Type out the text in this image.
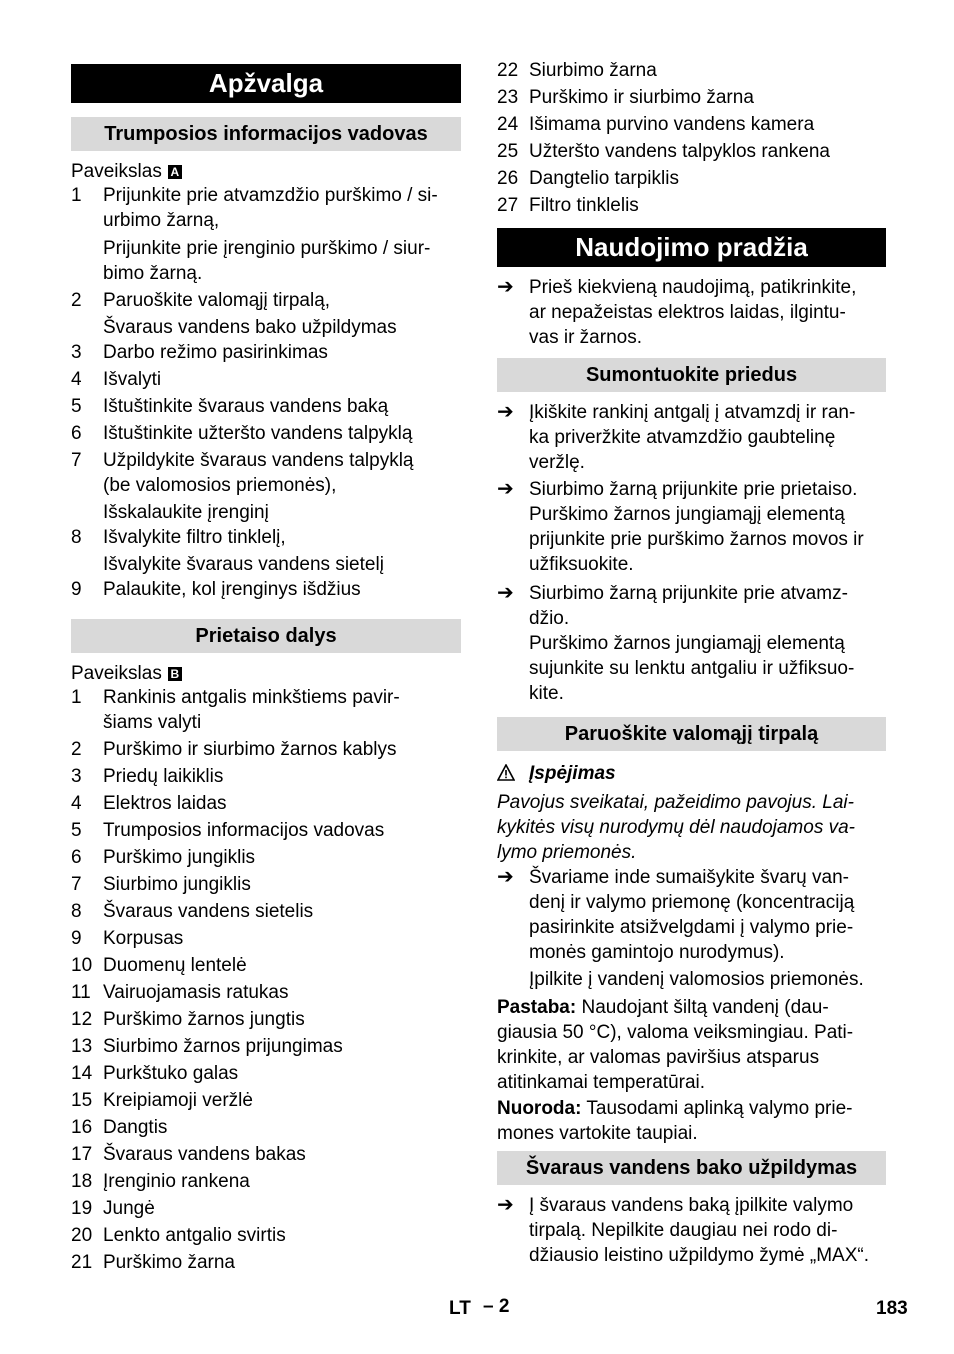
Apžvalga
Trumposios informacijos vadovas
Paveikslas A
1 Prijunkite prie atvamzdžio purškimo / si-
urbimo žarną,
Prijunkite prie įrenginio purškimo / siur-
bimo žarną.
2 Paruoškite valomąjį tirpalą,
Švaraus vandens bako užpildymas
3 Darbo režimo pasirinkimas
4 Išvalyti
5 Ištuštinkite švaraus vandens baką
6 Ištuštinkite užteršto vandens talpyklą
7 Užpildykite švaraus vandens talpyklą
(be valomosios priemonės),
Išskalaukite įrenginį
8 Išvalykite filtro tinklelį,
Išvalykite švaraus vandens sietelį
9 Palaukite, kol įrenginys išdžius
Prietaiso dalys
Paveikslas B
1 Rankinis antgalis minkštiems pavir-
šiams valyti
2 Purškimo ir siurbimo žarnos kablys
3 Priedų laikiklis
4 Elektros laidas
5 Trumposios informacijos vadovas
6 Purškimo jungiklis
7 Siurbimo jungiklis
8 Švaraus vandens sietelis
9 Korpusas
10 Duomenų lentelė
11 Vairuojamasis ratukas
12 Purškimo žarnos jungtis
13 Siurbimo žarnos prijungimas
14 Purkštuko galas
15 Kreipiamoji veržlė
16 Dangtis
17 Švaraus vandens bakas
18 Įrenginio rankena
19 Jungė
20 Lenkto antgalio svirtis
21 Purškimo žarna
22 Siurbimo žarna
23 Purškimo ir siurbimo žarna
24 Išimama purvino vandens kamera
25 Užteršto vandens talpyklos rankena
26 Dangtelio tarpiklis
27 Filtro tinklelis
Naudojimo pradžia
➔ Prieš kiekvieną naudojimą, patikrinkite,
ar nepažeistas elektros laidas, ilgintu-
vas ir žarnos.
Sumontuokite priedus
➔ Įkiškite rankinį antgalį į atvamzdį ir ran-
ka priveržkite atvamzdžio gaubtelinę
veržlę.
➔ Siurbimo žarną prijunkite prie prietaiso.
Purškimo žarnos jungiamąjį elementą
prijunkite prie purškimo žarnos movos ir
užfiksuokite.
➔ Siurbimo žarną prijunkite prie atvamz-
džio.
Purškimo žarnos jungiamąjį elementą
sujunkite su lenktu antgaliu ir užfiksuo-
kite.
Paruoškite valomąjį tirpalą
Įspėjimas
Pavojus sveikatai, pažeidimo pavojus. Lai-
kykitės visų nurodymų dėl naudojamos va-
lymo priemonės.
➔ Švariame inde sumaišykite švarų van-
denį ir valymo priemonę (koncentraciją
pasirinkite atsižvelgdami į valymo prie-
monės gamintojo nurodymus).
Įpilkite į vandenį valomosios priemonės.
Pastaba: Naudojant šiltą vandenį (dau-
giausia 50 °C), valoma veiksmingiau. Pati-
krinkite, ar valomas paviršius atsparus
atitinkamai temperatūrai.
Nuoroda: Tausodami aplinką valymo prie-
mones vartokite taupiai.
Švaraus vandens bako užpildymas
➔ Į švaraus vandens baką įpilkite valymo
tirpalą. Nepilkite daugiau nei rodo di-
džiausio leistino užpildymo žymė „MAX“.
LT – 2	183
